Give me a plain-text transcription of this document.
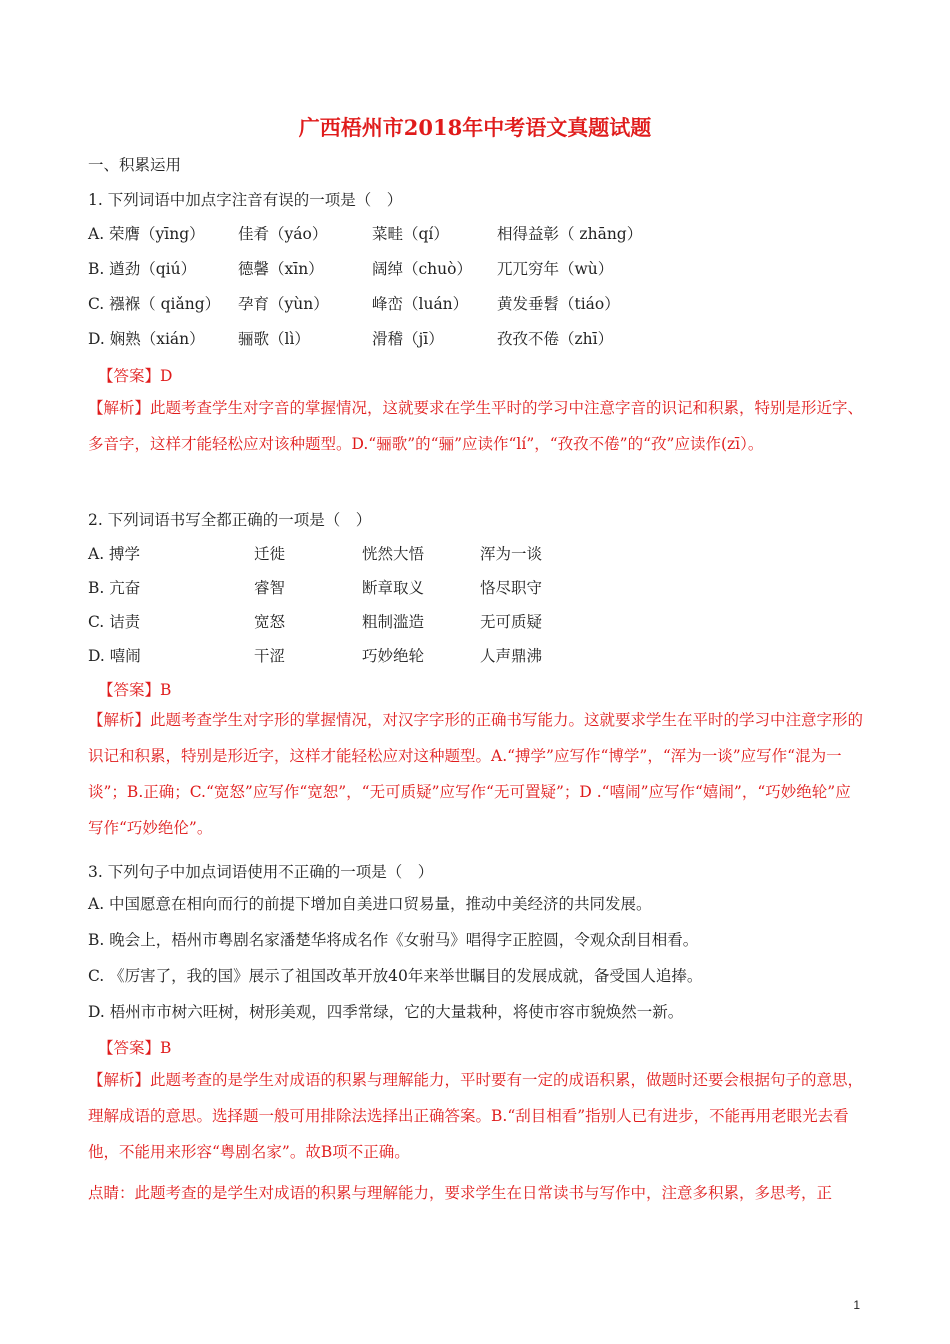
广西梧州市2018年中考语文真题试题
一、积累运用
1. 下列词语中加点字注音有误的一项是（　）
A. 荣膺（yīng） 佳肴（yáo）	菜畦（qí）	相得益彰（ zhāng）
B. 遒劲（qiú）	德馨（xīn）	阔绰（chuò） 兀兀穷年（wù）
C. 襁褓（ qiǎng） 孕育（yùn）	峰峦（luán） 黄发垂髫（tiáo）
D. 娴熟（xián） 骊歌（lì）	滑稽（jī）	孜孜不倦（zhī）
【答案】D
【解析】此题考查学生对字音的掌握情况，这就要求在学生平时的学习中注意字音的识记和积累，特别是形近字、多音字，这样才能轻松应对该种题型。D.“骊歌”的“骊”应读作“lí”，“孜孜不倦”的“孜”应读作(zī）。
2. 下列词语书写全都正确的一项是（　）
A. 搏学	迁徙	恍然大悟	浑为一谈
B. 亢奋	睿智	断章取义	恪尽职守
C. 诘责	宽怒	粗制滥造	无可质疑
D. 嘻闹	干涩	巧妙绝轮	人声鼎沸
【答案】B
【解析】此题考查学生对字形的掌握情况，对汉字字形的正确书写能力。这就要求学生在平时的学习中注意字形的识记和积累，特别是形近字，这样才能轻松应对这种题型。A.“搏学”应写作“博学”，“浑为一谈”应写作“混为一谈”；B.正确；C.“宽怒”应写作“宽恕”，“无可质疑”应写作“无可置疑”；D .“嘻闹”应写作“嬉闹”，“巧妙绝轮”应写作“巧妙绝伦”。
3. 下列句子中加点词语使用不正确的一项是（　）
A. 中国愿意在相向而行的前提下增加自美进口贸易量，推动中美经济的共同发展。
B. 晚会上，梧州市粤剧名家潘楚华将成名作《女驸马》唱得字正腔圆，令观众刮目相看。
C. 《厉害了，我的国》展示了祖国改革开放40年来举世瞩目的发展成就，备受国人追捧。
D. 梧州市市树六旺树，树形美观，四季常绿，它的大量栽种，将使市容市貌焕然一新。
【答案】B
【解析】此题考查的是学生对成语的积累与理解能力，平时要有一定的成语积累，做题时还要会根据句子的意思，理解成语的意思。选择题一般可用排除法选择出正确答案。B.“刮目相看”指别人已有进步，不能再用老眼光去看他，不能用来形容“粤剧名家”。故B项不正确。
点睛：此题考查的是学生对成语的积累与理解能力，要求学生在日常读书与写作中，注意多积累，多思考，正
1
